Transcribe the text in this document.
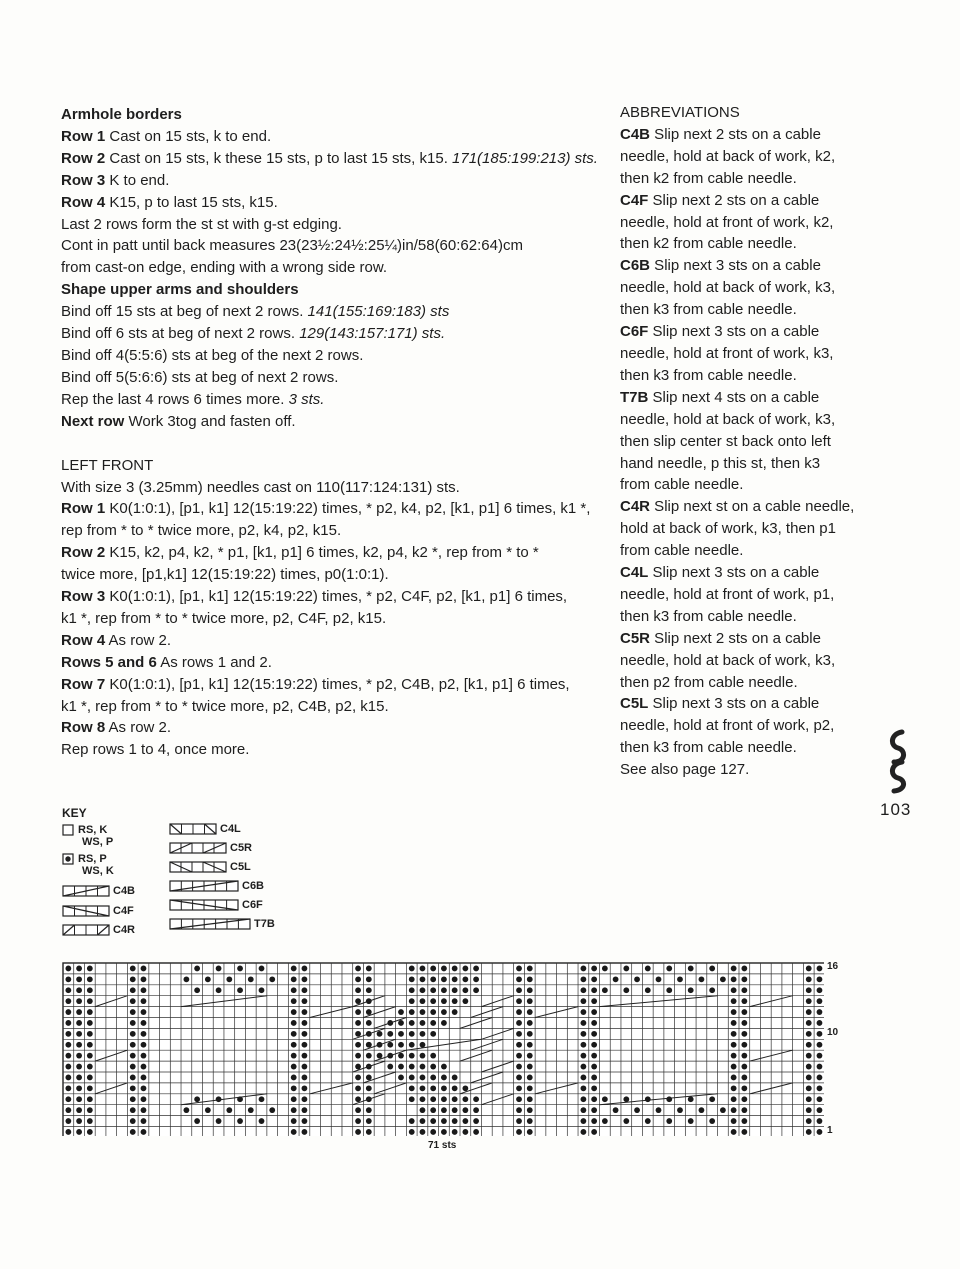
Armhole borders
Row 1 Cast on 15 sts, k to end.
Row 2 Cast on 15 sts, k these 15 sts, p to last 15 sts, k15. 171(185:199:213) sts.
Row 3 K to end.
Row 4 K15, p to last 15 sts, k15.
Last 2 rows form the st st with g-st edging.
Cont in patt until back measures 23(23½:24½:25¼)in/58(60:62:64)cm
from cast-on edge, ending with a wrong side row.
Shape upper arms and shoulders
Bind off 15 sts at beg of next 2 rows. 141(155:169:183) sts
Bind off 6 sts at beg of next 2 rows. 129(143:157:171) sts.
Bind off 4(5:5:6) sts at beg of the next 2 rows.
Bind off 5(5:6:6) sts at beg of next 2 rows.
Rep the last 4 rows 6 times more. 3 sts.
Next row Work 3tog and fasten off.
LEFT FRONT
With size 3 (3.25mm) needles cast on 110(117:124:131) sts.
Row 1 K0(1:0:1), [p1, k1] 12(15:19:22) times, * p2, k4, p2, [k1, p1] 6 times, k1 *,
rep from * to * twice more, p2, k4, p2, k15.
Row 2 K15, k2, p4, k2, * p1, [k1, p1] 6 times, k2, p4, k2 *, rep from * to *
twice more, [p1,k1] 12(15:19:22) times, p0(1:0:1).
Row 3 K0(1:0:1), [p1, k1] 12(15:19:22) times, * p2, C4F, p2, [k1, p1] 6 times,
k1 *, rep from * to * twice more, p2, C4F, p2, k15.
Row 4 As row 2.
Rows 5 and 6 As rows 1 and 2.
Row 7 K0(1:0:1), [p1, k1] 12(15:19:22) times, * p2, C4B, p2, [k1, p1] 6 times,
k1 *, rep from * to * twice more, p2, C4B, p2, k15.
Row 8 As row 2.
Rep rows 1 to 4, once more.
ABBREVIATIONS
C4B Slip next 2 sts on a cable
needle, hold at back of work, k2,
then k2 from cable needle.
C4F Slip next 2 sts on a cable
needle, hold at front of work, k2,
then k2 from cable needle.
C6B Slip next 3 sts on a cable
needle, hold at back of work, k3,
then k3 from cable needle.
C6F Slip next 3 sts on a cable
needle, hold at front of work, k3,
then k3 from cable needle.
T7B Slip next 4 sts on a cable
needle, hold at back of work, k3,
then slip center st back onto left
hand needle, p this st, then k3
from cable needle.
C4R Slip next st on a cable needle,
hold at back of work, k3, then p1
from cable needle.
C4L Slip next 3 sts on a cable
needle, hold at front of work, p1,
then k3 from cable needle.
C5R Slip next 2 sts on a cable
needle, hold at back of work, k3,
then p2 from cable needle.
C5L Slip next 3 sts on a cable
needle, hold at front of work, p2,
then k3 from cable needle.
See also page 127.
103
KEY
RS, K
WS, P
RS, P
WS, K
C4B
C4F
C4R
C4L
C5R
C5L
C6B
C6F
T7B
16
10
1
71 sts
